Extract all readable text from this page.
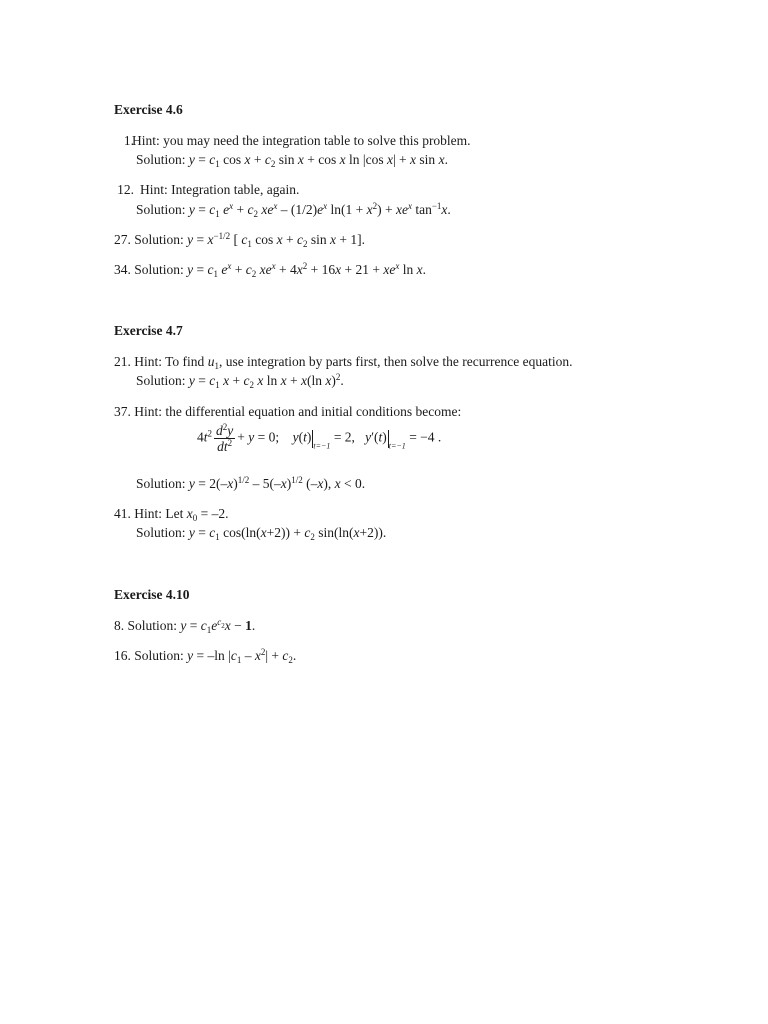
Exercise 4.6
1.
Hint: you may need the integration table to solve this problem.
Solution: $y = c_1$ $\cos x + c_2$ sin x + cos x ln |cos x| + x sin x.
12. Hint: Integration table, again.
Solution: $y = c_1$ $e^x + c_2$ $xe^x - (1/2)e^x$ $\ln(1 + x^2) + xe^x$ $\tan^{-1}x$.
27. Solution: $y = x^{-1/2}$ [ $c_1$ $\cos x + c_2$ sin x + 1].
34. Solution: $y = c_1$ $e^x + c_2$ $xe^x + 4x^2 + 16x + 21 + xe^x$ ln x.
Exercise 4.7
21. Hint: To find $u_1$, use integration by parts first, then solve the recurrence equation.
Solution: $y = c_1$ $x + c_2$ x ln x + x(ln x)$^2$.
37. Hint: the differential equation and initial conditions become:
$4t^2 \frac{d^2y}{dt^2} + y = 0$;    $y(t)_{t=-1} = 2$,   $y'(t)_{t=-1} = -4$ .
Solution: $y = 2(-x)^{1/2} - 5(-x)^{1/2}$ (–x), x < 0.
41. Hint: Let $x_0 = -2$.
Solution: $y = c_1$ $\cos(\ln(x+2)) + c_2$ sin(ln(x+2)).
Exercise 4.10
8. Solution: $y = c_1e^{c_2}x - 1$.
16. Solution: y = –ln $|c_1 - x^2| + c_2$.
